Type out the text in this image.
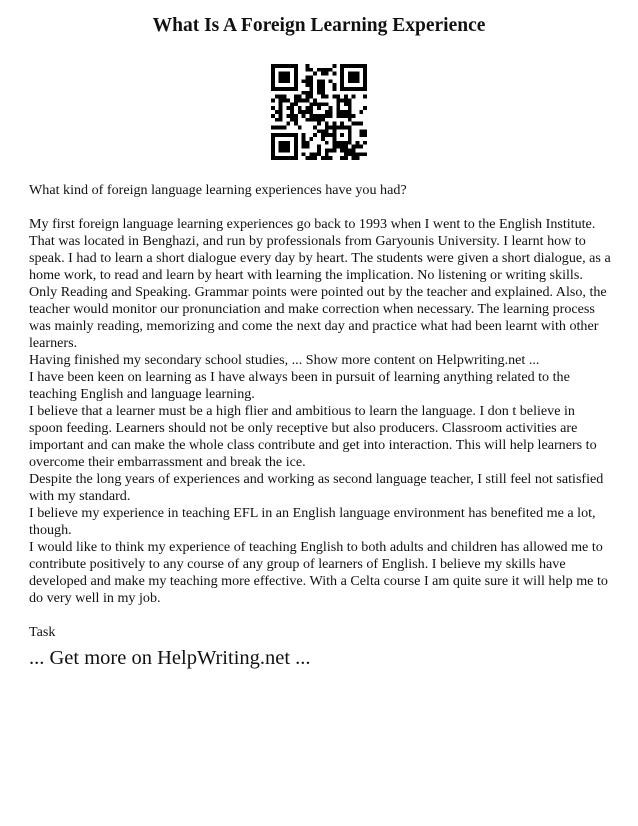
What Is A Foreign Learning Experience

What kind of foreign language learning experiences have you had?

My first foreign language learning experiences go back to 1993 when I went to the English Institute. That was located in Benghazi, and run by professionals from Garyounis University. I learnt how to speak. I had to learn a short dialogue every day by heart. The students were given a short dialogue, as a home work, to read and learn by heart with learning the implication. No listening or writing skills. Only Reading and Speaking. Grammar points were pointed out by the teacher and explained. Also, the teacher would monitor our pronunciation and make correction when necessary. The learning process was mainly reading, memorizing and come the next day and practice what had been learnt with other learners.

Having finished my secondary school studies, ... Show more content on Helpwriting.net ...

I have been keen on learning as I have always been in pursuit of learning anything related to the teaching English and language learning.

I believe that a learner must be a high flier and ambitious to learn the language. I don t believe in spoon feeding. Learners should not be only receptive but also producers. Classroom activities are important and can make the whole class contribute and get into interaction. This will help learners to overcome their embarrassment and break the ice.

Despite the long years of experiences and working as second language teacher, I still feel not satisfied with my standard.

I believe my experience in teaching EFL in an English language environment has benefited me a lot, though.

I would like to think my experience of teaching English to both adults and children has allowed me to contribute positively to any course of any group of learners of English. I believe my skills have developed and make my teaching more effective. With a Celta course I am quite sure it will help me to do very well in my job.

Task

... Get more on HelpWriting.net ...
